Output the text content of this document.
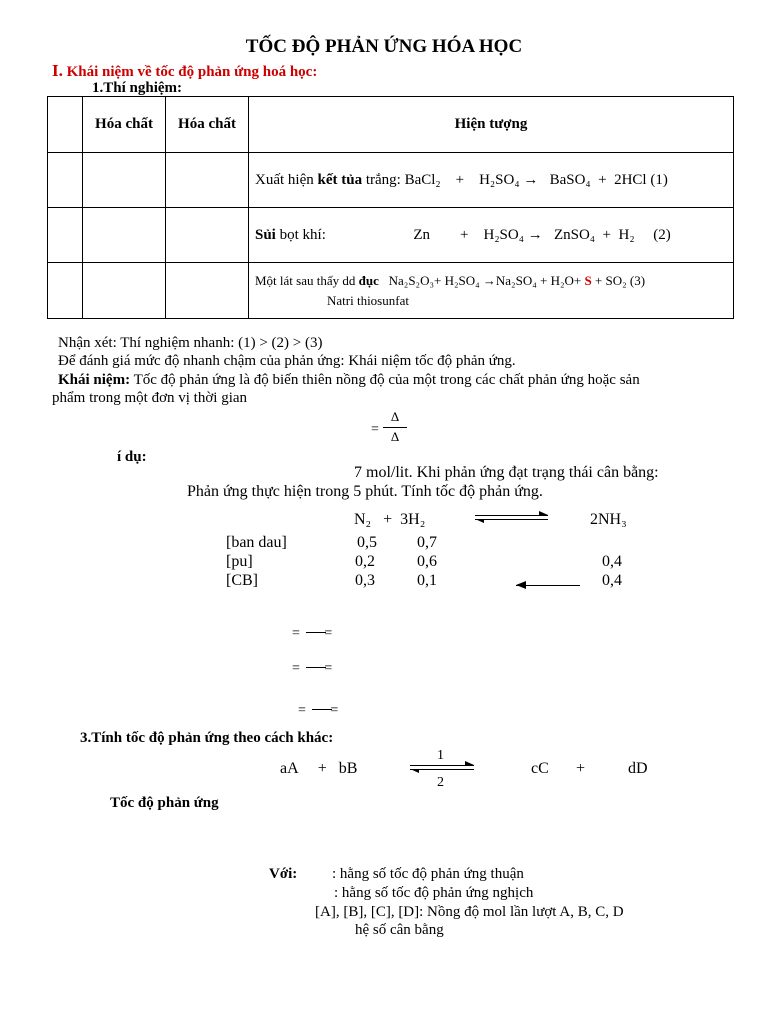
TỐC ĐỘ PHẢN ỨNG HÓA HỌC
I. Khái niệm về tốc độ phản ứng hoá học:
1.Thí nghiệm:
	Hóa chất	Hóa chất	Hiện tượng

			Xuất hiện kết tủa trắng: BaCl₂    +    H₂SO₄ →   BaSO₄  +  2HCl (1)

			Sủi bọt khí: Zn        +    H₂SO₄ →   ZnSO₄  +  H₂     (2)

			Một lát sau thấy dd đục Na₂S₂O₃+ H₂SO₄ →Na₂SO₄ + H₂O+ S + SO₂ (3)
Natri thiosunfat
Nhận xét: Thí nghiệm nhanh: (1) > (2) > (3)
Để đánh giá mức độ nhanh chậm của phản ứng: Khái niệm tốc độ phản ứng.
Khái niệm: Tốc độ phản ứng là độ biến thiên nồng độ của một trong các chất phản ứng hoặc sản
phẩm trong một đơn vị thời gian
=
Δ
Δ
í dụ:
7 mol/lit. Khi phản ứng đạt trạng thái cân bằng:
Phản ứng thực hiện trong 5 phút. Tính tốc độ phản ứng.
N₂   +  3H₂	2NH₃
[ban dau]	0,5	0,7
[pu]	0,2	0,6	0,4
[CB]	0,3	0,1	0,4
=       =
=       =
=       =
3.Tính tốc độ phản ứng theo cách khác:
aA     +   bB
1
2
cC +	dD
Tốc độ phản ứng
Với: : hằng số tốc độ phản ứng thuận
: hằng số tốc độ phản ứng nghịch
[A], [B], [C], [D]: Nồng độ mol lần lượt A, B, C, D
hệ số cân bằng
